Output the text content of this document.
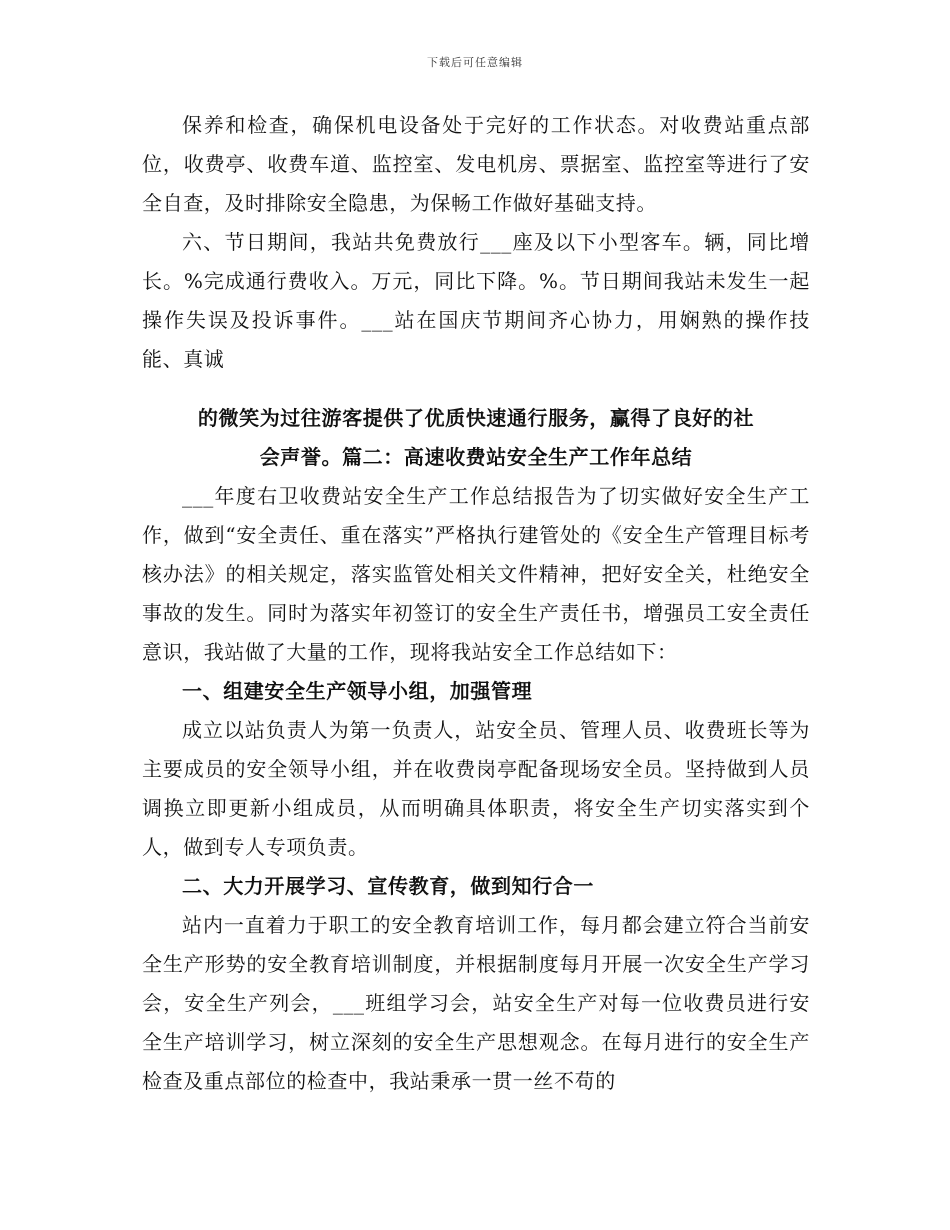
下载后可任意编辑

保养和检查，确保机电设备处于完好的工作状态。对收费站重点部位，收费亭、收费车道、监控室、发电机房、票据室、监控室等进行了安全自查，及时排除安全隐患，为保畅工作做好基础支持。

六、节日期间，我站共免费放行___座及以下小型客车。辆，同比增长。%完成通行费收入。万元，同比下降。%。节日期间我站未发生一起操作失误及投诉事件。___站在国庆节期间齐心协力，用娴熟的操作技能、真诚

的微笑为过往游客提供了优质快速通行服务，赢得了良好的社
会声誉。篇二：高速收费站安全生产工作年总结

___年度右卫收费站安全生产工作总结报告为了切实做好安全生产工作，做到“安全责任、重在落实”严格执行建管处的《安全生产管理目标考核办法》的相关规定，落实监管处相关文件精神，把好安全关，杜绝安全事故的发生。同时为落实年初签订的安全生产责任书，增强员工安全责任意识，我站做了大量的工作，现将我站安全工作总结如下：

一、组建安全生产领导小组，加强管理

成立以站负责人为第一负责人，站安全员、管理人员、收费班长等为主要成员的安全领导小组，并在收费岗亭配备现场安全员。坚持做到人员调换立即更新小组成员，从而明确具体职责，将安全生产切实落实到个人，做到专人专项负责。

二、大力开展学习、宣传教育，做到知行合一

站内一直着力于职工的安全教育培训工作，每月都会建立符合当前安全生产形势的安全教育培训制度，并根据制度每月开展一次安全生产学习会，安全生产列会，___班组学习会，站安全生产对每一位收费员进行安全生产培训学习，树立深刻的安全生产思想观念。在每月进行的安全生产检查及重点部位的检查中，我站秉承一贯一丝不苟的
